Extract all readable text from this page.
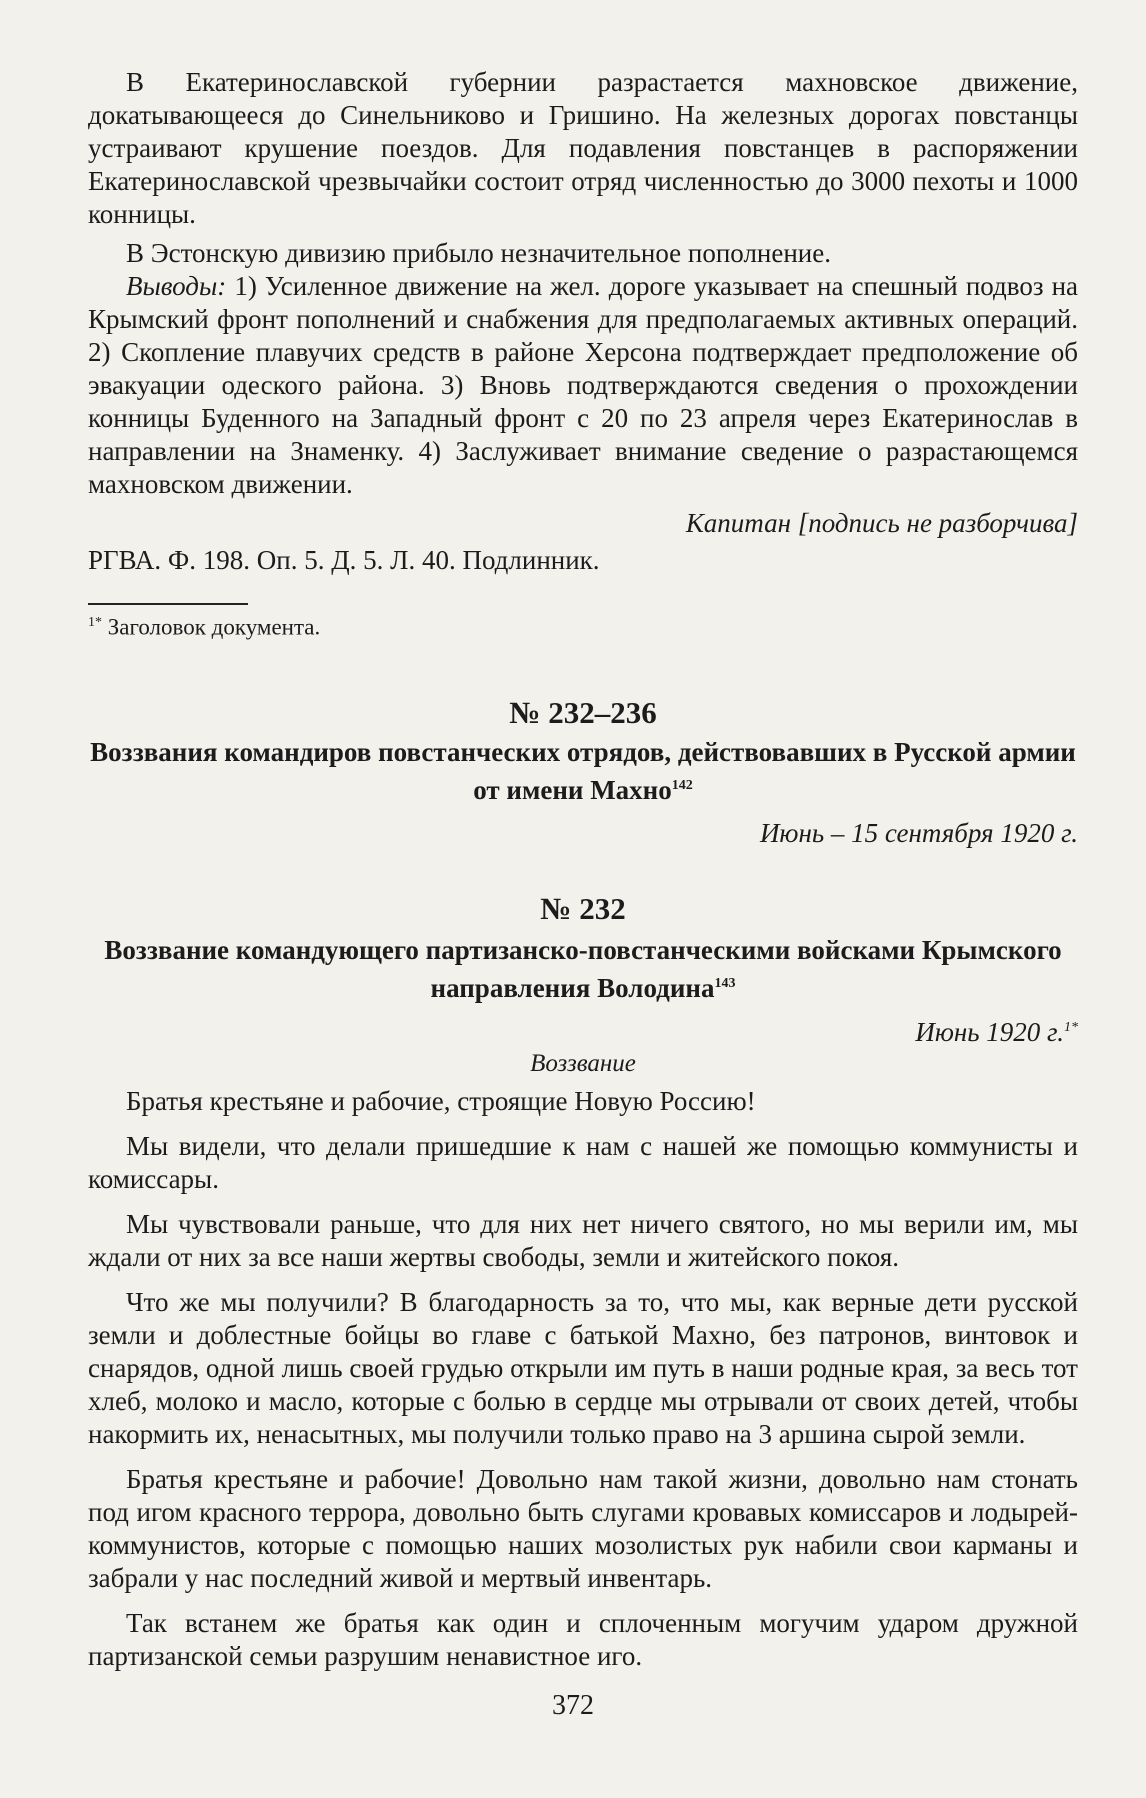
В Екатеринославской губернии разрастается махновское движение, докатывающееся до Синельниково и Гришино. На железных дорогах повстанцы устраивают крушение поездов. Для подавления повстанцев в распоряжении Екатеринославской чрезвычайки состоит отряд численностью до 3000 пехоты и 1000 конницы.

В Эстонскую дивизию прибыло незначительное пополнение.

Выводы: 1) Усиленное движение на жел. дороге указывает на спешный подвоз на Крымский фронт пополнений и снабжения для предполагаемых активных операций. 2) Скопление плавучих средств в районе Херсона подтверждает предположение об эвакуации одеского района. 3) Вновь подтверждаются сведения о прохождении конницы Буденного на Западный фронт с 20 по 23 апреля через Екатеринослав в направлении на Знаменку. 4) Заслуживает внимание сведение о разрастающемся махновском движении.

Капитан [подпись не разборчива]

РГВА. Ф. 198. Оп. 5. Д. 5. Л. 40. Подлинник.

$^{1*}$ Заголовок документа.

№ 232–236

Воззвания командиров повстанческих отрядов, действовавших в Русской армии от имени Махно$^{142}$

Июнь – 15 сентября 1920 г.

№ 232

Воззвание командующего партизанско-повстанческими войсками Крымского направления Володина$^{143}$

Июнь 1920 г.$^{1*}$

Воззвание

Братья крестьяне и рабочие, строящие Новую Россию!

Мы видели, что делали пришедшие к нам с нашей же помощью коммунисты и комиссары.

Мы чувствовали раньше, что для них нет ничего святого, но мы верили им, мы ждали от них за все наши жертвы свободы, земли и житейского покоя.

Что же мы получили? В благодарность за то, что мы, как верные дети русской земли и доблестные бойцы во главе с батькой Махно, без патронов, винтовок и снарядов, одной лишь своей грудью открыли им путь в наши родные края, за весь тот хлеб, молоко и масло, которые с болью в сердце мы отрывали от своих детей, чтобы накормить их, ненасытных, мы получили только право на 3 аршина сырой земли.

Братья крестьяне и рабочие! Довольно нам такой жизни, довольно нам стонать под игом красного террора, довольно быть слугами кровавых комиссаров и лодырей-коммунистов, которые с помощью наших мозолистых рук набили свои карманы и забрали у нас последний живой и мертвый инвентарь.

Так встанем же братья как один и сплоченным могучим ударом дружной партизанской семьи разрушим ненавистное иго.

372
